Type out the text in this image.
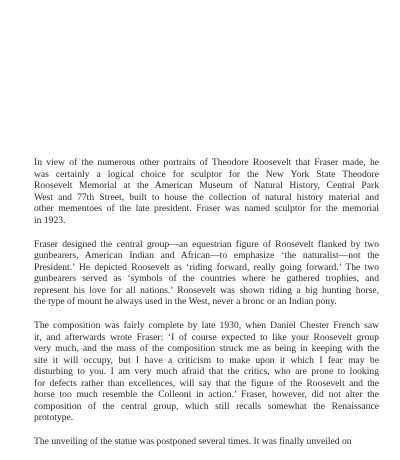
In view of the numerous other portraits of Theodore Roosevelt that Fraser made, he
was certainly a logical choice for sculptor for the New York State Theodore
Roosevelt Memorial at the American Museum of Natural History, Central Park
West and 77th Street, built to house the collection of natural history material and
other mementoes of the late president. Fraser was named sculptor for the memorial
in 1923.
Fraser designed the central group—an equestrian figure of Roosevelt flanked by two
gunbearers, American Indian and African—to emphasize ‘the naturalist—not the
President.’ He depicted Roosevelt as ‘riding forward, really going forward.’ The two
gunbearers served as ‘symbols of the countries where he gathered trophies, and
represent his love for all nations.’ Roosevelt was shown riding a big hunting horse,
the type of mount he always used in the West, never a bronc or an Indian pony.
The composition was fairly complete by late 1930, when Daniel Chester French saw
it, and afterwards wrote Fraser: ‘I of course expected to like your Roosevelt group
very much, and the mass of the composition struck me as being in keeping with the
site it will occupy, but I have a criticism to make upon it which I fear may be
disturbing to you. I am very much afraid that the critics, who are prone to looking
for defects rather than excellences, will say that the figure of the Roosevelt and the
horse too much resemble the Colleoni in action.’ Fraser, however, did not alter the
composition of the central group, which still recalls somewhat the Renaissance
prototype.
The unveiling of the statue was postponed several times. It was finally unveiled on
